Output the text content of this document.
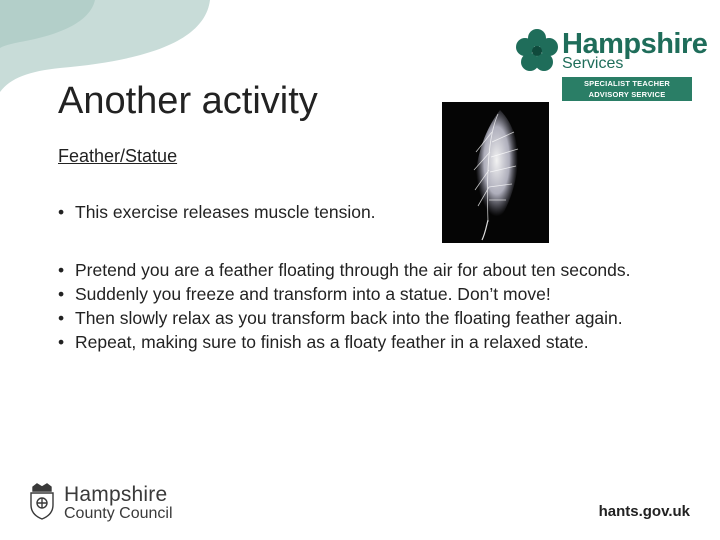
Hampshire
Services
SPECIALIST TEACHER
ADVISORY SERVICE
Another activity
Feather/Statue
• This exercise releases muscle tension.
• Pretend you are a feather floating through the air for about ten seconds.
• Suddenly you freeze and transform into a statue. Don’t move!
• Then slowly relax as you transform back into the floating feather again.
• Repeat, making sure to finish as a floaty feather in a relaxed state.
Hampshire
County Council	hants.gov.uk
